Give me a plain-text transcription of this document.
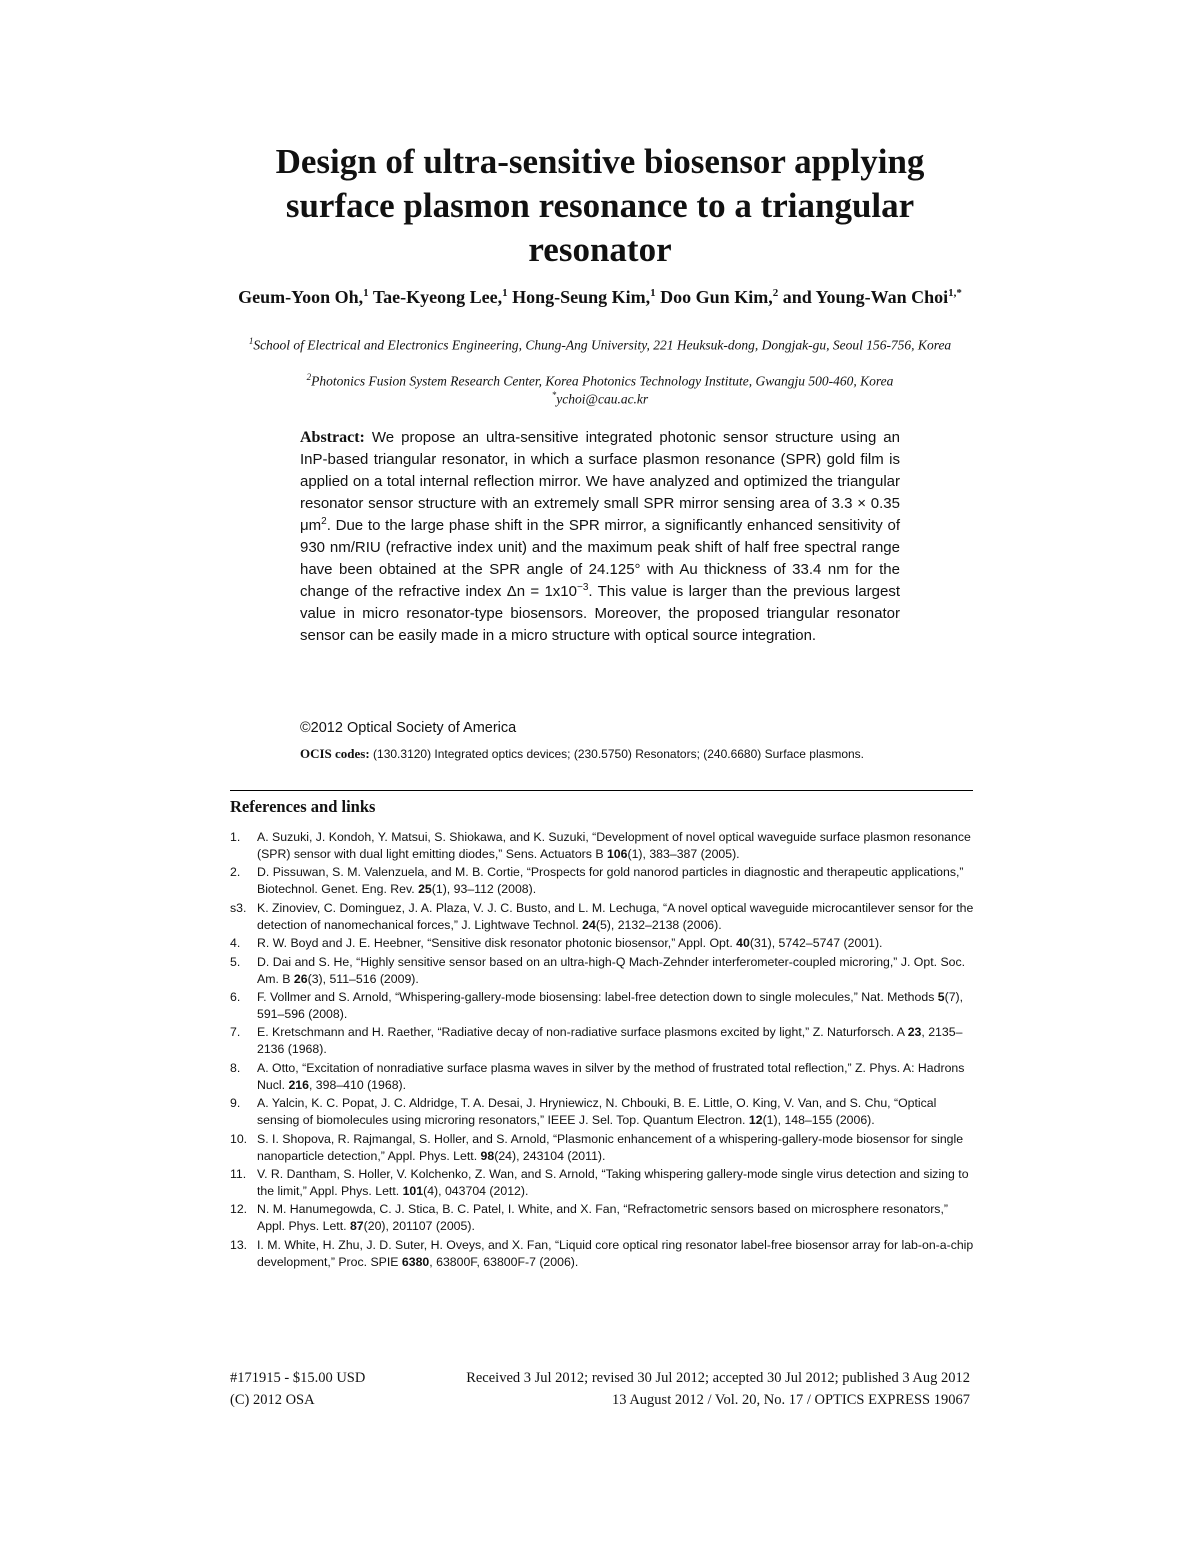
Design of ultra-sensitive biosensor applying surface plasmon resonance to a triangular resonator
Geum-Yoon Oh,$^1$ Tae-Kyeong Lee,$^1$ Hong-Seung Kim,$^1$ Doo Gun Kim,$^2$ and Young-Wan Choi$^{1,*}$
$^1$School of Electrical and Electronics Engineering, Chung-Ang University, 221 Heuksuk-dong, Dongjak-gu, Seoul 156-756, Korea
$^2$Photonics Fusion System Research Center, Korea Photonics Technology Institute, Gwangju 500-460, Korea
*ychoi@cau.ac.kr

Abstract: We propose an ultra-sensitive integrated photonic sensor structure using an InP-based triangular resonator, in which a surface plasmon resonance (SPR) gold film is applied on a total internal reflection mirror. We have analyzed and optimized the triangular resonator sensor structure with an extremely small SPR mirror sensing area of 3.3 × 0.35 $\mu m^2$. Due to the large phase shift in the SPR mirror, a significantly enhanced sensitivity of 930 nm/RIU (refractive index unit) and the maximum peak shift of half free spectral range have been obtained at the SPR angle of 24.125° with Au thickness of 33.4 nm for the change of the refractive index $\Delta n = 1x10^{-3}$. This value is larger than the previous largest value in micro resonator-type biosensors. Moreover, the proposed triangular resonator sensor can be easily made in a micro structure with optical source integration.

©2012 Optical Society of America
OCIS codes: (130.3120) Integrated optics devices; (230.5750) Resonators; (240.6680) Surface plasmons.
References and links
1.	A. Suzuki, J. Kondoh, Y. Matsui, S. Shiokawa, and K. Suzuki, “Development of novel optical waveguide surface plasmon resonance (SPR) sensor with dual light emitting diodes,” Sens. Actuators B 106(1), 383–387 (2005).
2.	D. Pissuwan, S. M. Valenzuela, and M. B. Cortie, “Prospects for gold nanorod particles in diagnostic and therapeutic applications,” Biotechnol. Genet. Eng. Rev. 25(1), 93–112 (2008).
s3. K. Zinoviev, C. Dominguez, J. A. Plaza, V. J. C. Busto, and L. M. Lechuga, “A novel optical waveguide microcantilever sensor for the detection of nanomechanical forces,” J. Lightwave Technol. 24(5), 2132–2138 (2006).
4.	R. W. Boyd and J. E. Heebner, “Sensitive disk resonator photonic biosensor,” Appl. Opt. 40(31), 5742–5747 (2001).
5.	D. Dai and S. He, “Highly sensitive sensor based on an ultra-high-Q Mach-Zehnder interferometer-coupled microring,” J. Opt. Soc. Am. B 26(3), 511–516 (2009).
6.	F. Vollmer and S. Arnold, “Whispering-gallery-mode biosensing: label-free detection down to single molecules,” Nat. Methods 5(7), 591–596 (2008).
7.	E. Kretschmann and H. Raether, “Radiative decay of non-radiative surface plasmons excited by light,” Z. Naturforsch. A 23, 2135–2136 (1968).
8.	A. Otto, “Excitation of nonradiative surface plasma waves in silver by the method of frustrated total reflection,” Z. Phys. A: Hadrons Nucl. 216, 398–410 (1968).
9.	A. Yalcin, K. C. Popat, J. C. Aldridge, T. A. Desai, J. Hryniewicz, N. Chbouki, B. E. Little, O. King, V. Van, and S. Chu, “Optical sensing of biomolecules using microring resonators,” IEEE J. Sel. Top. Quantum Electron. 12(1), 148–155 (2006).
10. S. I. Shopova, R. Rajmangal, S. Holler, and S. Arnold, “Plasmonic enhancement of a whispering-gallery-mode biosensor for single nanoparticle detection,” Appl. Phys. Lett. 98(24), 243104 (2011).
11. V. R. Dantham, S. Holler, V. Kolchenko, Z. Wan, and S. Arnold, “Taking whispering gallery-mode single virus detection and sizing to the limit,” Appl. Phys. Lett. 101(4), 043704 (2012).
12. N. M. Hanumegowda, C. J. Stica, B. C. Patel, I. White, and X. Fan, “Refractometric sensors based on microsphere resonators,” Appl. Phys. Lett. 87(20), 201107 (2005).
13. I. M. White, H. Zhu, J. D. Suter, H. Oveys, and X. Fan, “Liquid core optical ring resonator label-free biosensor array for lab-on-a-chip development,” Proc. SPIE 6380, 63800F, 63800F-7 (2006).
#171915 - $15.00 USD	Received 3 Jul 2012; revised 30 Jul 2012; accepted 30 Jul 2012; published 3 Aug 2012
(C) 2012 OSA	13 August 2012 / Vol. 20, No. 17 / OPTICS EXPRESS 19067
